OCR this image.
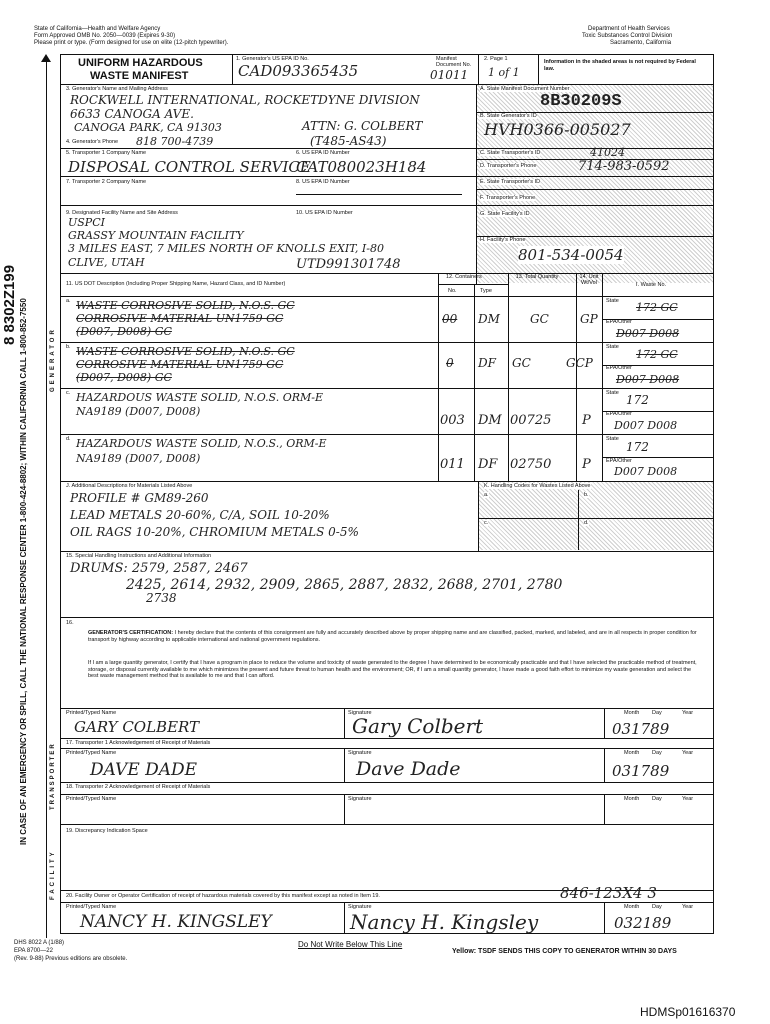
State of California—Health and Welfare Agency
Form Approved OMB No. 2050—0039 (Expires 9-30)
Please print or type. (Form designed for use on elite (12-pitch typewriter).
Department of Health Services
Toxic Substances Control Division
Sacramento, California
IN CASE OF AN EMERGENCY OR SPILL, CALL THE NATIONAL RESPONSE CENTER 1-800-424-8802; WITHIN CALIFORNIA CALL 1-800-852-7550
8 8302Z199
GENERATOR
TRANSPORTER
FACILITY
UNIFORM HAZARDOUS
WASTE MANIFEST
1. Generator's US EPA ID No.
CAD093365435
Manifest Document No.
01011
2. Page 1
1 of 1
Information in the shaded areas is not required by Federal law.
3. Generator's Name and Mailing Address
ROCKWELL INTERNATIONAL, ROCKETDYNE DIVISION
6633 CANOGA AVE.
CANOGA PARK, CA 91303	ATTN: G. COLBERT
(T485-AS43)
4. Generator's Phone 818 700-4739
A. State Manifest Document Number
8B30209S
B. State Generator's ID
HVH0366-005027
C. State Transporter's ID	41024
D. Transporter's Phone	714-983-0592
E. State Transporter's ID
F. Transporter's Phone
G. State Facility's ID
H. Facility's Phone
801-534-0054
5. Transporter 1 Company Name	6. US EPA ID Number
DISPOSAL CONTROL SERVICE
CAT080023H184
7. Transporter 2 Company Name	8. US EPA ID Number
9. Designated Facility Name and Site Address	10. US EPA ID Number
USPCI
GRASSY MOUNTAIN FACILITY
3 MILES EAST, 7 MILES NORTH OF KNOLLS EXIT, I-80
CLIVE, UTAH	UTD991301748
11. US DOT Description (Including Proper Shipping Name, Hazard Class, and ID Number)
12. Containers
No.	Type
13. Total Quantity	14. Unit Wt/Vol	I. Waste No.
a. WASTE CORROSIVE SOLID, N.O.S. GC
CORROSIVE MATERIAL UN1759 GC
(D007, D008) GC
00 DM	GC	GP
State 172 GC
EPA/Other
D007 D008
b. WASTE CORROSIVE SOLID, N.O.S. GC
CORROSIVE MATERIAL UN1759 GC
(D007, D008) GC
0 DF GC	GCP
State
172 GC
EPA/Other
D007 D008
c. HAZARDOUS WASTE SOLID, N.O.S. ORM-E
NA9189 (D007, D008)
003 DM 00725 P
State 172
EPA/Other
D007 D008
d. HAZARDOUS WASTE SOLID, N.O.S., ORM-E
NA9189 (D007, D008)	011 DF 02750 P
State
172
EPA/Other
D007 D008
J. Additional Descriptions for Materials Listed Above
PROFILE # GM89-260
LEAD METALS 20-60%, C/A, SOIL 10-20%
OIL RAGS 10-20%, CHROMIUM METALS 0-5%
K. Handling Codes for Wastes Listed Above
a.	b.
c.	d.
15. Special Handling Instructions and Additional Information
DRUMS: 2579, 2587, 2467
2425, 2614, 2932, 2909, 2865, 2887, 2832, 2688, 2701, 2780
2738
16.
GENERATOR'S CERTIFICATION: I hereby declare that the contents of this consignment are fully and accurately described above by proper shipping name and are classified, packed, marked, and labeled, and are in all respects in proper condition for transport by highway according to applicable international and national government regulations.
If I am a large quantity generator, I certify that I have a program in place to reduce the volume and toxicity of waste generated to the degree I have determined to be economically practicable and that I have selected the practicable method of treatment, storage, or disposal currently available to me which minimizes the present and future threat to human health and the environment; OR, if I am a small quantity generator, I have made a good faith effort to minimize my waste generation and select the best waste management method that is available to me and that I can afford.
Printed/Typed Name	Signature	Month Day	Year
GARY COLBERT	Gary Colbert	031789
17. Transporter 1 Acknowledgement of Receipt of Materials
Printed/Typed Name	Signature	Month Day	Year
DAVE DADE	Dave Dade	031789
18. Transporter 2 Acknowledgement of Receipt of Materials
Printed/Typed Name	Signature	Month Day	Year
19. Discrepancy Indication Space
20. Facility Owner or Operator Certification of receipt of hazardous materials covered by this manifest except as noted in Item 19.	846-123X4 3
Printed/Typed Name	Signature	Month Day	Year
NANCY H. KINGSLEY	Nancy H. Kingsley	032189
DHS 8022 A (1/88)
EPA 8700—22
(Rev. 9-88) Previous editions are obsolete.
Do Not Write Below This Line
Yellow: TSDF SENDS THIS COPY TO GENERATOR WITHIN 30 DAYS
HDMSp01616370
